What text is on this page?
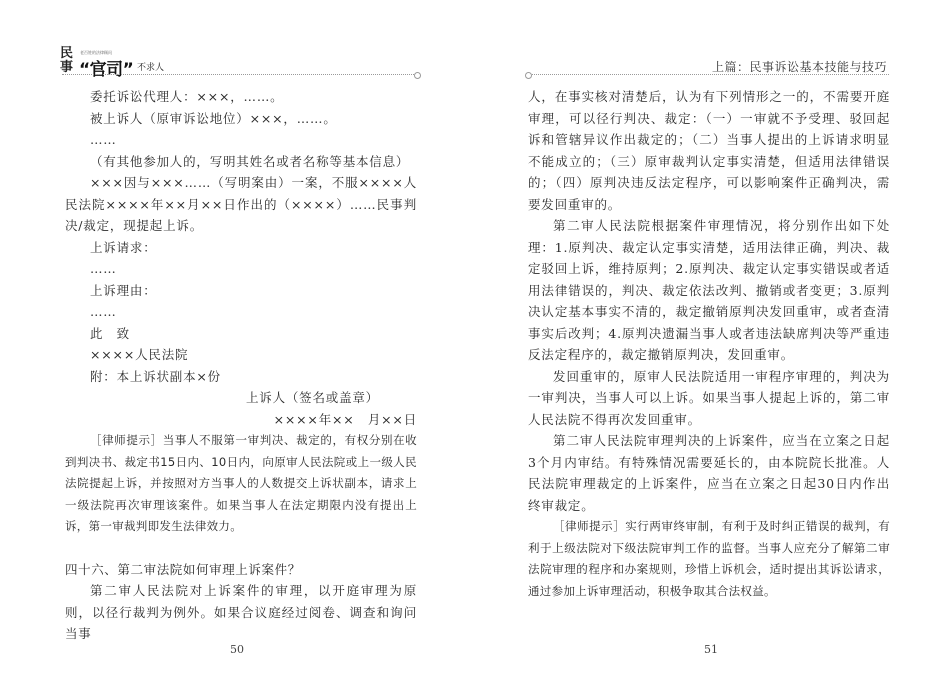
民事
老百姓的法律顾问
“官司” 不求人

委托诉讼代理人：×××，……。

被上诉人（原审诉讼地位）×××，……。

……

（有其他参加人的，写明其姓名或者名称等基本信息）

×××因与×××……（写明案由）一案，不服××××人民法院××××年××月××日作出的（××××）……民事判决/裁定，现提起上诉。

上诉请求：

……

上诉理由：

……

此　致

××××人民法院

附：本上诉状副本×份

上诉人（签名或盖章）

××××年××　月××日

［律师提示］当事人不服第一审判决、裁定的，有权分别在收到判决书、裁定书15日内、10日内，向原审人民法院或上一级人民法院提起上诉，并按照对方当事人的人数提交上诉状副本，请求上一级法院再次审理该案件。如果当事人在法定期限内没有提出上诉，第一审裁判即发生法律效力。

四十六、第二审法院如何审理上诉案件？

第二审人民法院对上诉案件的审理，以开庭审理为原则，以径行裁判为例外。如果合议庭经过阅卷、调查和询问当事

50
上篇：民事诉讼基本技能与技巧

人，在事实核对清楚后，认为有下列情形之一的，不需要开庭审理，可以径行判决、裁定：（一）一审就不予受理、驳回起诉和管辖异议作出裁定的；（二）当事人提出的上诉请求明显不能成立的；（三）原审裁判认定事实清楚，但适用法律错误的；（四）原判决违反法定程序，可以影响案件正确判决，需要发回重审的。

第二审人民法院根据案件审理情况，将分别作出如下处理：1.原判决、裁定认定事实清楚，适用法律正确，判决、裁定驳回上诉，维持原判；2.原判决、裁定认定事实错误或者适用法律错误的，判决、裁定依法改判、撤销或者变更；3.原判决认定基本事实不清的，裁定撤销原判决发回重审，或者查清事实后改判；4.原判决遗漏当事人或者违法缺席判决等严重违反法定程序的，裁定撤销原判决，发回重审。

发回重审的，原审人民法院适用一审程序审理的，判决为一审判决，当事人可以上诉。如果当事人提起上诉的，第二审人民法院不得再次发回重审。

第二审人民法院审理判决的上诉案件，应当在立案之日起3个月内审结。有特殊情况需要延长的，由本院院长批准。人民法院审理裁定的上诉案件，应当在立案之日起30日内作出终审裁定。

［律师提示］实行两审终审制，有利于及时纠正错误的裁判，有利于上级法院对下级法院审判工作的监督。当事人应充分了解第二审法院审理的程序和办案规则，珍惜上诉机会，适时提出其诉讼请求，通过参加上诉审理活动，积极争取其合法权益。

51
